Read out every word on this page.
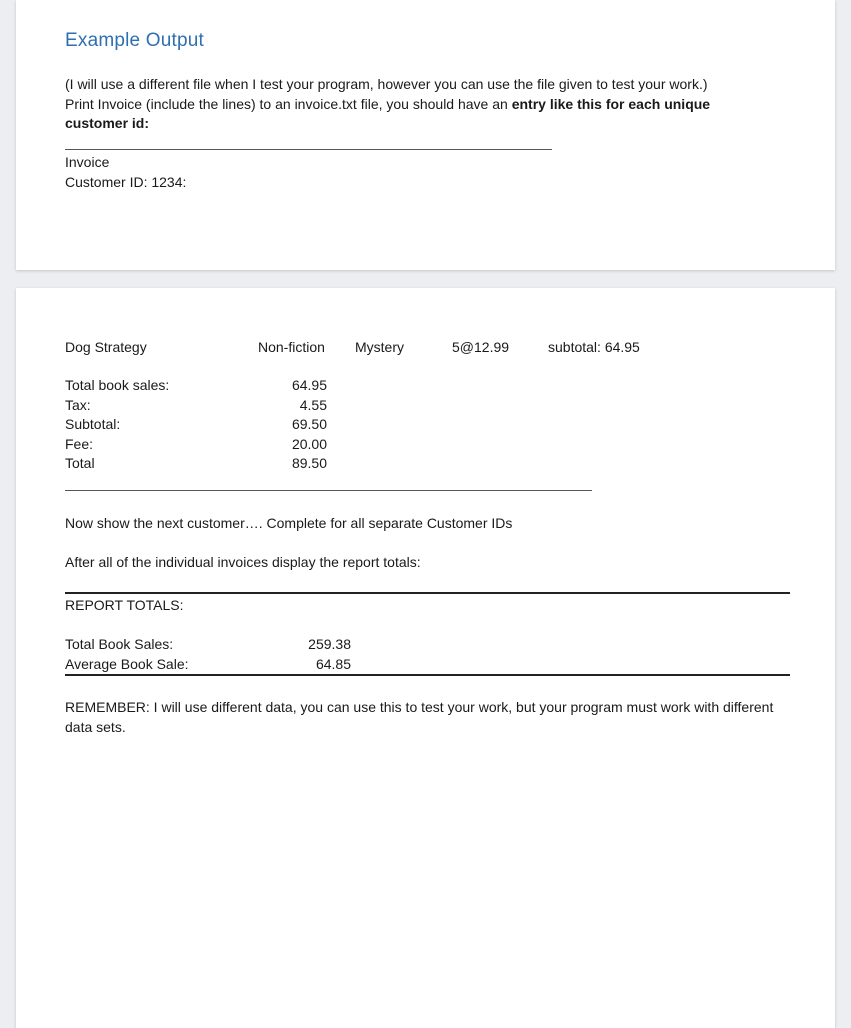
Example Output
(I will use a different file when I test your program, however you can use the file given to test your work.)
Print Invoice (include the lines) to an invoice.txt file, you should have an entry like this for each unique customer id:
Invoice
Customer ID: 1234:
Dog Strategy	Non-fiction Mystery	5@12.99	subtotal: 64.95
Total book sales:	64.95
Tax:	4.55
Subtotal:	69.50
Fee:	20.00
Total	89.50
Now show the next customer…. Complete for all separate Customer IDs
After all of the individual invoices display the report totals:
REPORT TOTALS:
Total Book Sales:	259.38
Average Book Sale:	64.85
REMEMBER: I will use different data, you can use this to test your work, but your program must work with different data sets.
